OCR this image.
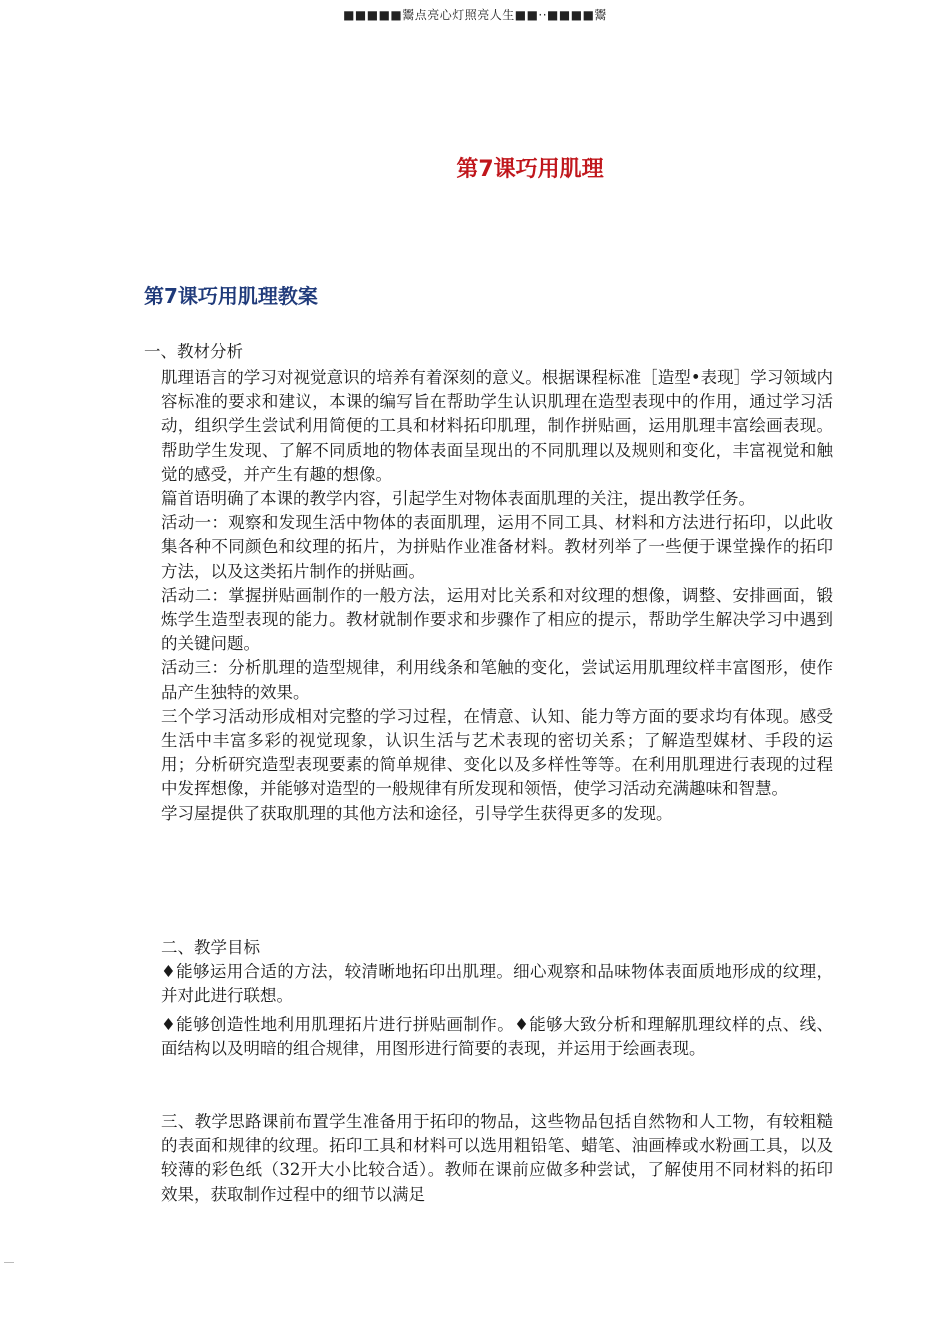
■■■■■鬻点亮心灯照亮人生■■··■■■■鬻
第7课巧用肌理
第7课巧用肌理教案
一、教材分析

肌理语言的学习对视觉意识的培养有着深刻的意义。根据课程标准［造型•表现］学习领域内容标准的要求和建议，本课的编写旨在帮助学生认识肌理在造型表现中的作用，通过学习活动，组织学生尝试利用简便的工具和材料拓印肌理，制作拼贴画，运用肌理丰富绘画表现。帮助学生发现、了解不同质地的物体表面呈现出的不同肌理以及规则和变化，丰富视觉和触觉的感受，并产生有趣的想像。

篇首语明确了本课的教学内容，引起学生对物体表面肌理的关注，提出教学任务。

活动一：观察和发现生活中物体的表面肌理，运用不同工具、材料和方法进行拓印，以此收集各种不同颜色和纹理的拓片，为拼贴作业准备材料。教材列举了一些便于课堂操作的拓印方法，以及这类拓片制作的拼贴画。

活动二：掌握拼贴画制作的一般方法，运用对比关系和对纹理的想像，调整、安排画面，锻炼学生造型表现的能力。教材就制作要求和步骤作了相应的提示，帮助学生解决学习中遇到的关键问题。

活动三：分析肌理的造型规律，利用线条和笔触的变化，尝试运用肌理纹样丰富图形，使作品产生独特的效果。

三个学习活动形成相对完整的学习过程，在情意、认知、能力等方面的要求均有体现。感受生活中丰富多彩的视觉现象，认识生活与艺术表现的密切关系；了解造型媒材、手段的运用；分析研究造型表现要素的简单规律、变化以及多样性等等。在利用肌理进行表现的过程中发挥想像，并能够对造型的一般规律有所发现和领悟，使学习活动充满趣味和智慧。

学习屋提供了获取肌理的其他方法和途径，引导学生获得更多的发现。

二、教学目标

♦能够运用合适的方法，较清晰地拓印出肌理。细心观察和品味物体表面质地形成的纹理，并对此进行联想。

♦能够创造性地利用肌理拓片进行拼贴画制作。♦能够大致分析和理解肌理纹样的点、线、面结构以及明暗的组合规律，用图形进行简要的表现，并运用于绘画表现。

三、教学思路课前布置学生准备用于拓印的物品，这些物品包括自然物和人工物，有较粗糙的表面和规律的纹理。拓印工具和材料可以选用粗铅笔、蜡笔、油画棒或水粉画工具，以及较薄的彩色纸（32开大小比较合适）。教师在课前应做多种尝试，了解使用不同材料的拓印效果，获取制作过程中的细节以满足
